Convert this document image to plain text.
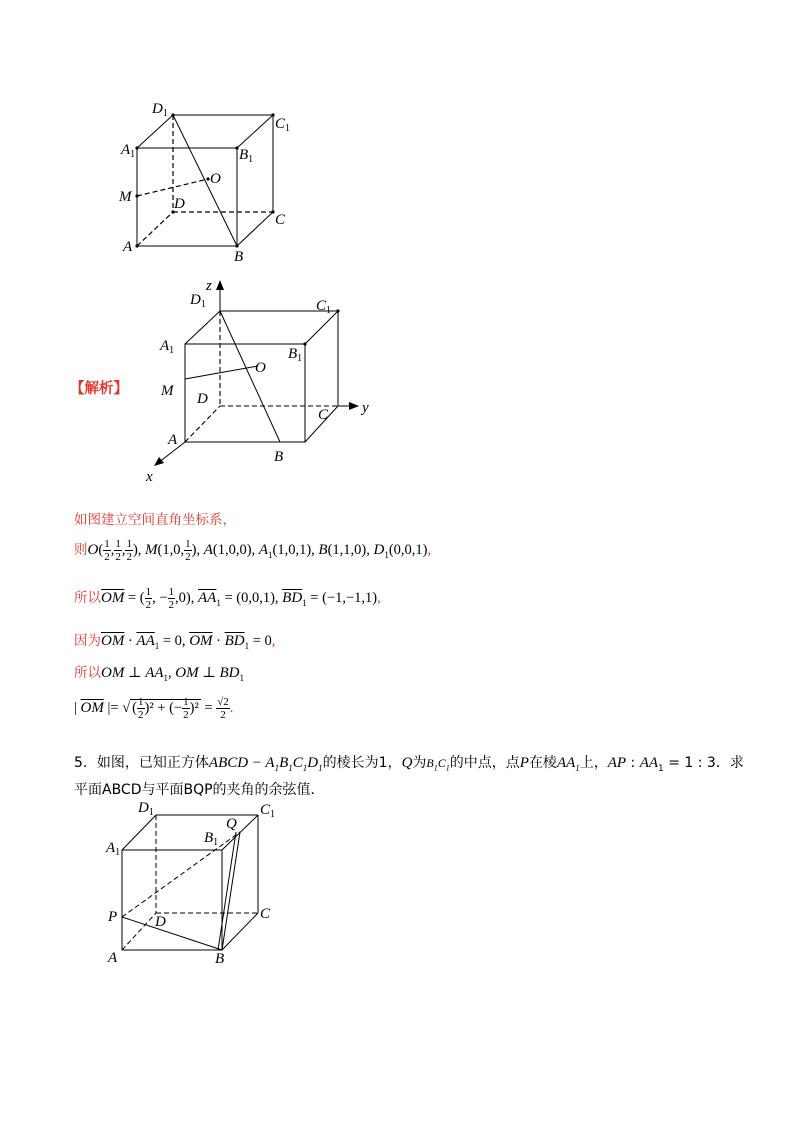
$D_1$
$C_1$
$A_1$	$B_1$
O
M	D
C
A
B
z
y
x
$D_1$	$C_1$
$A_1$	$B_1$
O
M D
C
A
B
【解析】
如图建立空间直角坐标系，
则$O( \frac{1}{2}$ , $\frac{1}{2}$ , $\frac{1}{2}$ ), M(1,0, $\frac{1}{2}$ ), A(1,0,0), $A_1(1,0,1)$, B(1,1,0), $D_1(0,0,1)$,
所以$\overline{OM}$ = ( $\frac{1}{2}$ , − $\frac{1}{2} ,0$), $\overline{AA}_1 = (0,0,1)$, $\overline{BD}_1 = (-1,-1,1)$,
因为$\overline{OM} \cdot \overline{AA}_1 = 0$, $\overline{OM} \cdot \overline{BD}_1 = 0$,
所以OM ⊥ $AA_1$, OM ⊥ $BD_1$
| $\overline{OM}$ |= √ ( $\frac{1}{2} )^2$ + (− $\frac{1}{2} )^2 = \frac{√2}{2}$ .
5．如图，已知正方体ABCD − $A_1B_1C_1D_1$的棱长为1，Q为$B_1C_1$的中点，点P在棱$AA_1$上，AP : $AA_1 = 1$ : 3．求
平面ABCD与平面BQP的夹角的余弦值．
$D_1$	$C_1$
$A_1$
$B_1$
Q
P	D	C
A	B
